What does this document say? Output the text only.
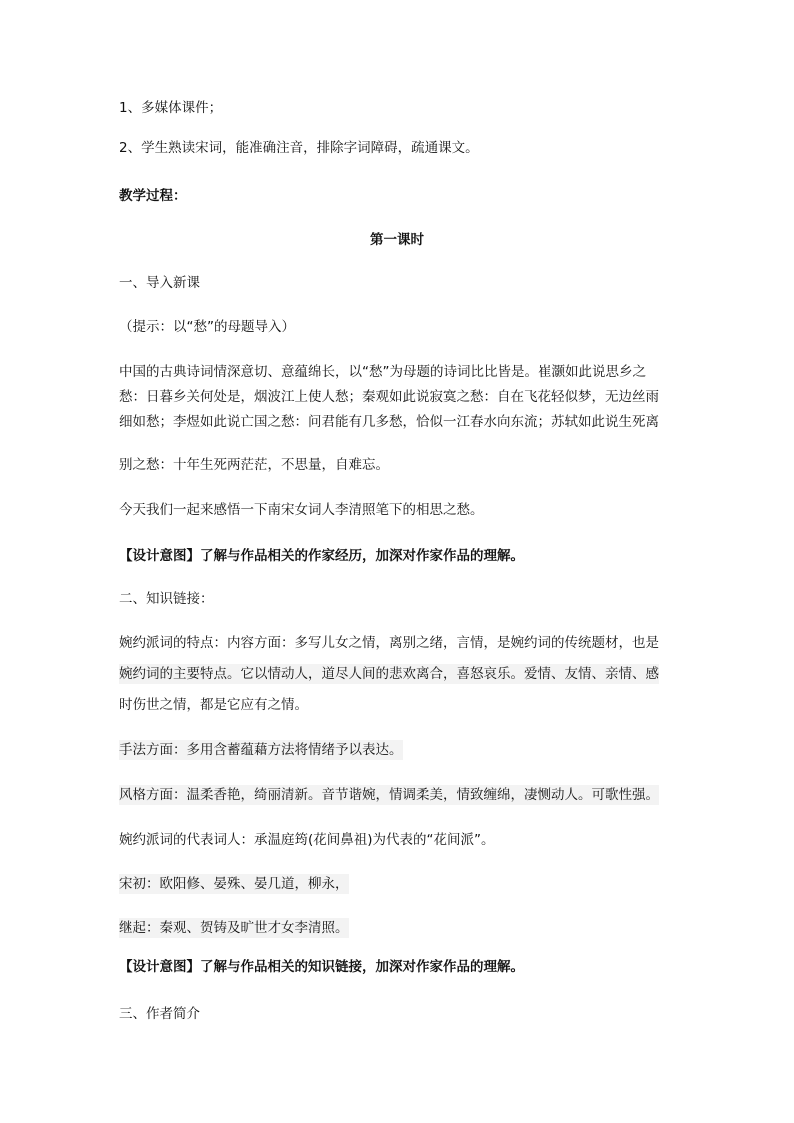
1、多媒体课件；
2、学生熟读宋词，能准确注音，排除字词障碍，疏通课文。
教学过程：
第一课时
一、导入新课
（提示：以“愁”的母题导入）
中国的古典诗词情深意切、意蕴绵长，以“愁”为母题的诗词比比皆是。崔灏如此说思乡之
愁：日暮乡关何处是，烟波江上使人愁；秦观如此说寂寞之愁：自在飞花轻似梦，无边丝雨
细如愁；李煜如此说亡国之愁：问君能有几多愁，恰似一江春水向东流；苏轼如此说生死离
别之愁：十年生死两茫茫，不思量，自难忘。
今天我们一起来感悟一下南宋女词人李清照笔下的相思之愁。
【设计意图】了解与作品相关的作家经历，加深对作家作品的理解。
二、知识链接：
婉约派词的特点：内容方面：多写儿女之情，离别之绪，言情，是婉约词的传统题材，也是
婉约词的主要特点。它以情动人，道尽人间的悲欢离合，喜怒哀乐。爱情、友情、亲情、感
时伤世之情，都是它应有之情。
手法方面：多用含蓄蕴藉方法将情绪予以表达。
风格方面：温柔香艳，绮丽清新。音节谐婉，情调柔美，情致缠绵，凄恻动人。可歌性强。
婉约派词的代表词人：承温庭筠(花间鼻祖)为代表的“花间派”。
宋初：欧阳修、晏殊、晏几道，柳永，
继起：秦观、贺铸及旷世才女李清照。
【设计意图】了解与作品相关的知识链接，加深对作家作品的理解。
三、作者简介
